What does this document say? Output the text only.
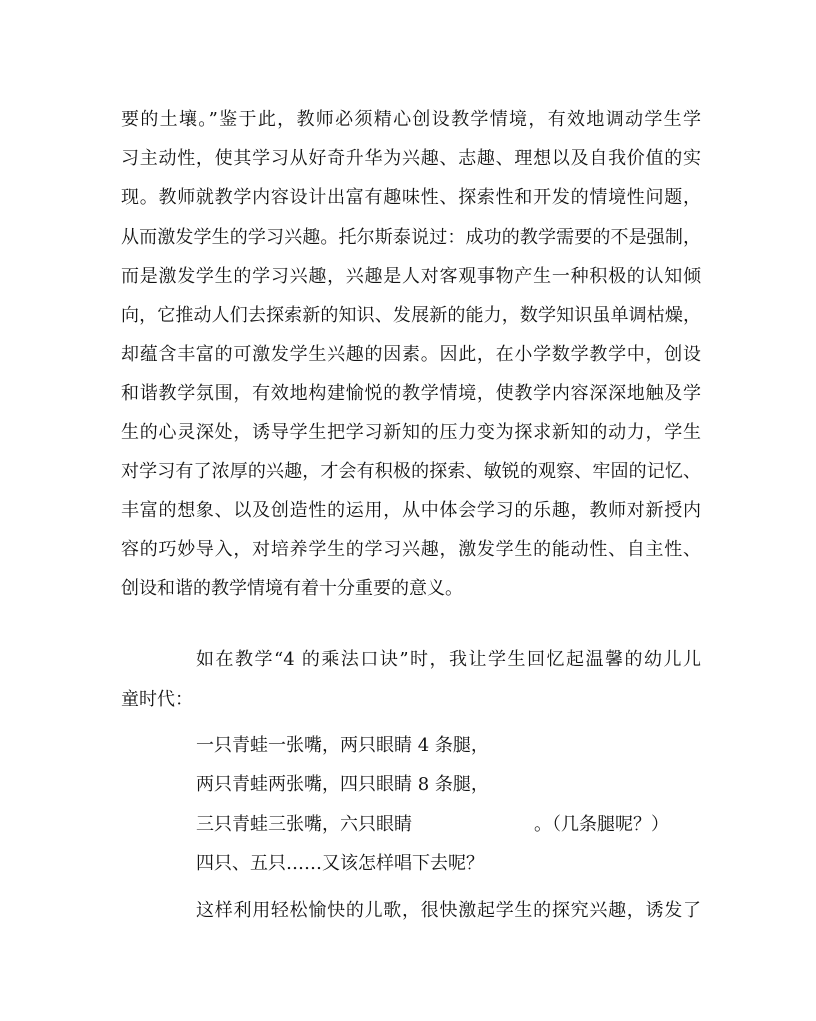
要的土壤。”鉴于此，教师必须精心创设教学情境，有效地调动学生学
习主动性，使其学习从好奇升华为兴趣、志趣、理想以及自我价值的实
现。教师就教学内容设计出富有趣味性、探索性和开发的情境性问题，
从而激发学生的学习兴趣。托尔斯泰说过：成功的教学需要的不是强制，
而是激发学生的学习兴趣，兴趣是人对客观事物产生一种积极的认知倾
向，它推动人们去探索新的知识、发展新的能力，数学知识虽单调枯燥，
却蕴含丰富的可激发学生兴趣的因素。因此，在小学数学教学中，创设
和谐教学氛围，有效地构建愉悦的教学情境，使教学内容深深地触及学
生的心灵深处，诱导学生把学习新知的压力变为探求新知的动力，学生
对学习有了浓厚的兴趣，才会有积极的探索、敏锐的观察、牢固的记忆、
丰富的想象、以及创造性的运用，从中体会学习的乐趣，教师对新授内
容的巧妙导入，对培养学生的学习兴趣，激发学生的能动性、自主性、
创设和谐的教学情境有着十分重要的意义。
如在教学“4 的乘法口诀”时，我让学生回忆起温馨的幼儿儿
童时代：
一只青蛙一张嘴，两只眼睛 4 条腿，
两只青蛙两张嘴，四只眼睛 8 条腿，
三只青蛙三张嘴，六只眼睛	。（几条腿呢？）
四只、五只……又该怎样唱下去呢？
这样利用轻松愉快的儿歌，很快激起学生的探究兴趣，诱发了
